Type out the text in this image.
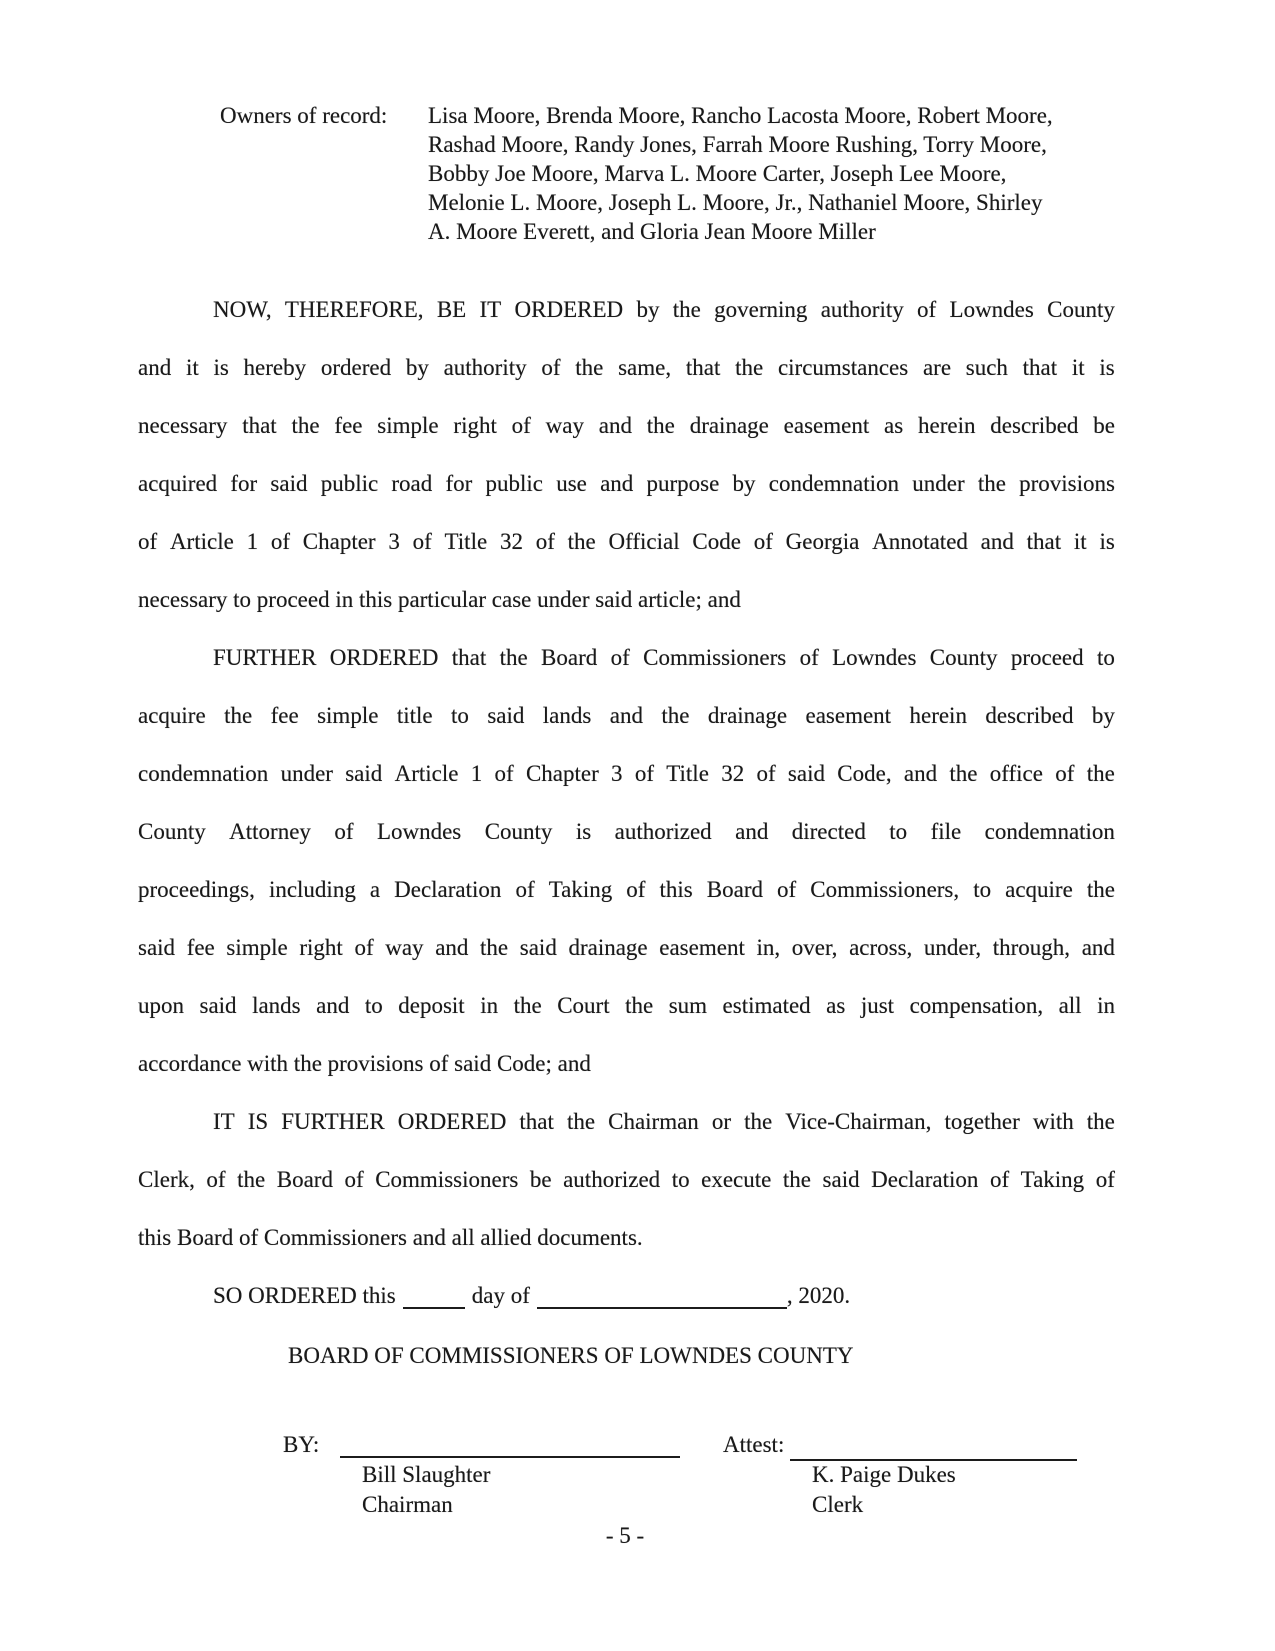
Owners of record: Lisa Moore, Brenda Moore, Rancho Lacosta Moore, Robert Moore,
Rashad Moore, Randy Jones, Farrah Moore Rushing, Torry Moore,
Bobby Joe Moore, Marva L. Moore Carter, Joseph Lee Moore,
Melonie L. Moore, Joseph L. Moore, Jr., Nathaniel Moore, Shirley
A. Moore Everett, and Gloria Jean Moore Miller
NOW, THEREFORE, BE IT ORDERED by the governing authority of Lowndes County
and it is hereby ordered by authority of the same, that the circumstances are such that it is
necessary that the fee simple right of way and the drainage easement as herein described be
acquired for said public road for public use and purpose by condemnation under the provisions
of Article 1 of Chapter 3 of Title 32 of the Official Code of Georgia Annotated and that it is
necessary to proceed in this particular case under said article; and
FURTHER ORDERED that the Board of Commissioners of Lowndes County proceed to
acquire the fee simple title to said lands and the drainage easement herein described by
condemnation under said Article 1 of Chapter 3 of Title 32 of said Code, and the office of the
County Attorney of Lowndes County is authorized and directed to file condemnation
proceedings, including a Declaration of Taking of this Board of Commissioners, to acquire the
said fee simple right of way and the said drainage easement in, over, across, under, through, and
upon said lands and to deposit in the Court the sum estimated as just compensation, all in
accordance with the provisions of said Code; and
IT IS FURTHER ORDERED that the Chairman or the Vice-Chairman, together with the
Clerk, of the Board of Commissioners be authorized to execute the said Declaration of Taking of
this Board of Commissioners and all allied documents.
SO ORDERED this	day of	, 2020.
BOARD OF COMMISSIONERS OF LOWNDES COUNTY
BY:
Bill Slaughter
Chairman
Attest:
K. Paige Dukes
Clerk
- 5 -
